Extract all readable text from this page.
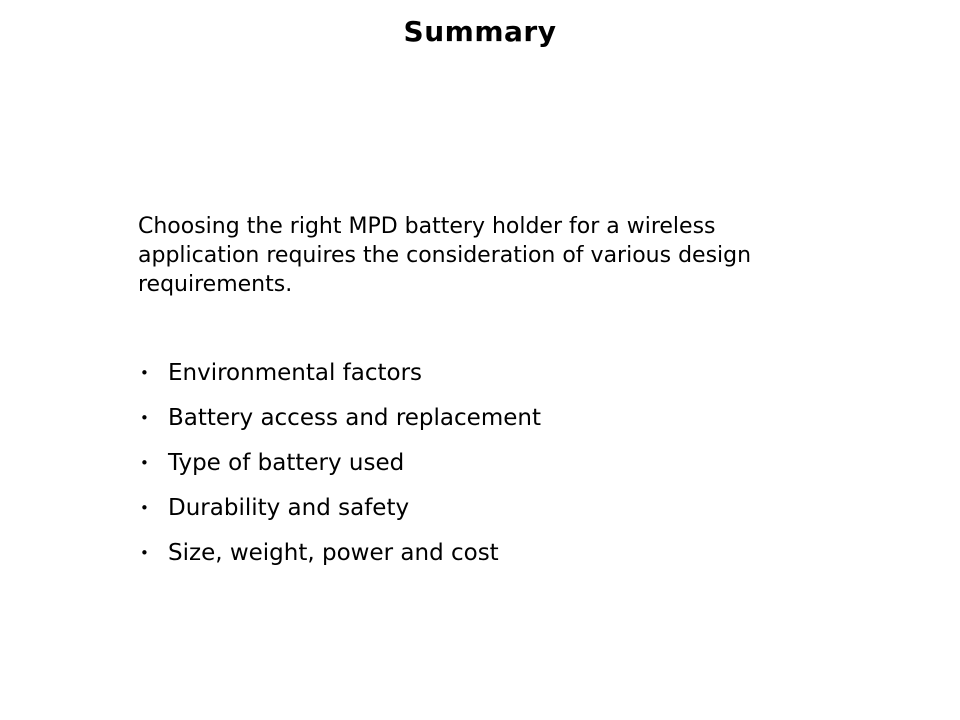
Summary

Choosing the right MPD battery holder for a wireless application requires the consideration of various design requirements.

• Environmental factors
• Battery access and replacement
• Type of battery used
• Durability and safety
• Size, weight, power and cost
